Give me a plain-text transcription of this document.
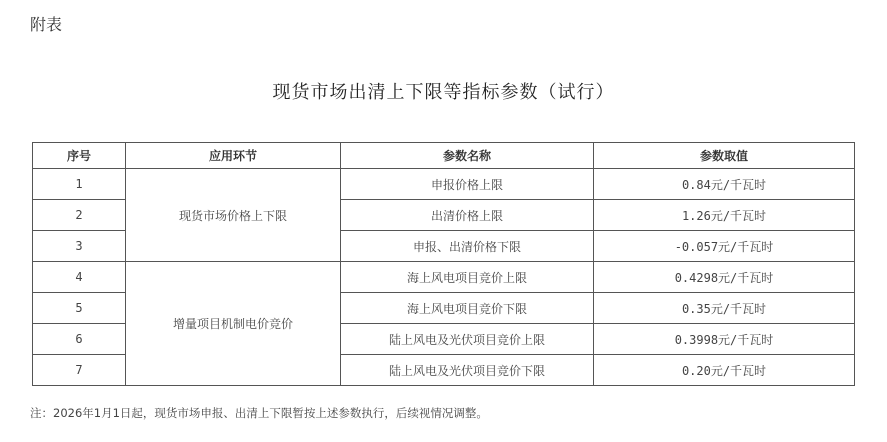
附表
现货市场出清上下限等指标参数（试行）
序号	应用环节	参数名称	参数取值
1	现货市场价格上下限	申报价格上限	0.84元/千瓦时
2		出清价格上限	1.26元/千瓦时
3		申报、出清价格下限	-0.057元/千瓦时
4	增量项目机制电价竞价	海上风电项目竞价上限	0.4298元/千瓦时
5		海上风电项目竞价下限	0.35元/千瓦时
6		陆上风电及光伏项目竞价上限	0.3998元/千瓦时
7		陆上风电及光伏项目竞价下限	0.20元/千瓦时
注：2026年1月1日起，现货市场申报、出清上下限暂按上述参数执行，后续视情况调整。
